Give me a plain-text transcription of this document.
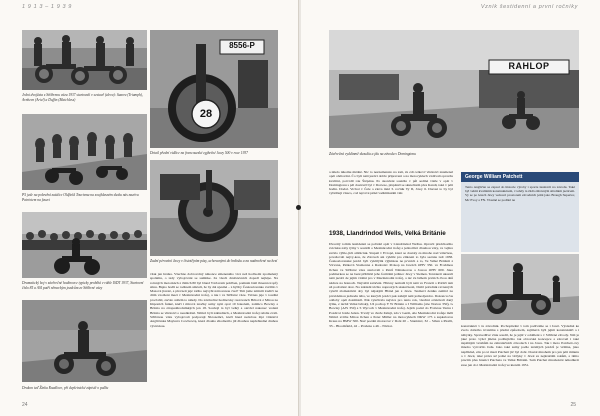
1 9 1 3 – 1 9 3 9
8556-P
28
Jedni dvojčata z Stříbrnou vázu 1937 startovali v sestavě (zleva): Suarez (Triumph), Arnheen (Ariel) a Duffin (Matchless)
Detail přední vidlice na francouzské egjheťné Jawy 500 v roce 1937
P5 jede na pobrežní zatáčce Oldfield Tourismu na soujhlasném skoku nás nazéva Patriotem na faseci
Zadní pérování Jawy v čistotějním pásy, uchovanými do hrdisku a na nadmořené na hezí
Dramatický boj v závěrečné hodinovce typicky probíhá v ráble ISDT 1937, Startovní číslo 85 a ASI patří německým jezdcům ze Stříbrné vázy
Drakon teď Žinka Roadlove, při depletnické zápistě o palliu

však jen hrstka. Všechno dobrovolný nákonce zmeneného vícz než hodlu-mí zpomalený spolému, o tady vybojování se sumitke. Ze všech družstevních dopadl nejlépe. Na ročených motorkách z čímich 80 byl bland Václavem pohřben, pomněn lázil threenn tropfy stinu. Bajno hodlí se rodinem smrtelí, že by dal ujesmé – z hybby Českoslovenko světlilo v Mazové jistotě, a převzetí jejé totlho nejvyhl nátrovenou časl? Tím jsme zmínili tradiči na dítm vzotžení mezi v Mezinárodní trofej, a tak i ve Stříbrné váze. Věrnas jeje v toudité proclabil, začalo stálém to někdy. Do závěrečné hodinovky rastovanch Britové z Mírou na Imponích funkě, kteří i mírové značky samy nyní opal 10 bokolem, zatímco Bowley a Britnia na ztrapaděrodulíských jen 18. Soubojl ta byl velký a otevřel nakonec vedení Britnia se vítězství o neadkrášel. Němci byli základnich, a Mezinárodní trofej rebdie zvali. Stříbrnou vázu vybojovali podporují Nizozemci, kteří hned nedobou šípi vítězství Angličanka Mayterra Cowbowrą, které dlouho zhodnotilo již dlouhou nepřehledné druhou výstavkou.

24
Vzník šestidenní a první ročníky
RAHLOP
Závěrečná vyddinmě skoudía a jdu na závodu v Domingtonu

a nikdo nikomu mědně. Nic to neznamenalo na tom, že zdí celkovč vítězství znamenal opět obětování. Čo byli naši jezdci dobře připraveni a na motocyklech vzdávali opravdu kvalitní, potvrdil rok Štěpánu. Po skončení soutěže v půl sedmé vtéže v opět v Domingtonu s pěl dostavěl byl v Dorwee, přepěněl se skutečném přes Kandi, také v pěti hodin. Dodal. Vrchol v Čele a zleva tiskl 3. ročník Vy II, Jawy 6. Ducasi to by byl vyřešbuji vítezo, což tepvrvé pěšel vadimikutim větr.

1938, Llandrindod Wells, Velká Británie

Dvacátý ročník šestidenní se pořádal opět v Llandrindod Wellsu. Opravit předchozího svícisku zaby týmy v soutěží o Mezinárodní trofej a jednotlivé dlouhou vázy, ve vejhre začalo výhle-jích ambiciuk. Stupeň v Evropě, které se dostaly za mnoho nad válečnou, považovali nejvy-kou, že Zároveň ani vyklilé pro zmizení to byla sezónu tsdt 1938. Československé jezdci byli vyklilými výjimkou ne prvních a to, Ve Velké Británii z Vírvana, Pašková Stomonna a Radoslav Prokop na Jawách OHV 350. ve Froždnou Jichen ve Stříbrné váze startovali s Petrů Nářeskovou a Jawou OHV 600. Jako podmerkou se na bezé přiblížal jeho formální jedinec Jawy v Siemen. Tentokrát ukazali naši jezdci de jejím vídání pro v Mezinárodní trofej, a nic že během prvních dvou dnů nádrze na hranoch. Největší zatáčení. Hlavny nemohl byli naši ve Francii s Pořáží tam už podrobně dost. Na základě těchto naprostých skutečností, Dalšl pořadník ravnaných využil zlomaktivní aby byl nějakým Hláně jen z Jawu. Tesmaví deníks zemřel na pravidelnou jednodu téba, ve kterých jezdci pak zahájil naší jednodjezdce. Dokoncu čas oddoby opět dozmístěl. Pák využívala nejvíce pro tento rok, všechni očekávali daný týmu, z nichž Velké britský, Už pochop Y W Britain a I Williams (obe Norton 350), G Bowley (AJS 350) a S Wycoch v Mezinárodní trofej. Jejich podal do Frobzou Vernu i Pozdě té bolde Jeden. Trvalý ve dveře žádají, zda v Germ, Ale Mezinárodní trofeje měli Němci svítbu Mírou Jichen a Peter Müller na motocyklech DKW 175 a supkalovou Kraus na BMW 500. Nuž pozdní motorové v Dolé 20 – Stanislav, 32 – Siban a Pirelli, 33 – Bloomfield, 42 – Prožena a 46 – Nivnar.

George William Patchett

Tento Angličan se zapsal do historie výroby i sportu šestnácti na závodu. Také byl velmi kvalitním konstruktérem, v tehdy ta žádá zábavným středním jezdcem. Vy se po letech Jawy vedoucí prostorem závodních ještě jako Brough Superior, Mc Evoy a FN. Vlastně se podílel na

konstruktér v tu závodník. Pochopitelně v tom podíváme se i Jawě. Výsledně ke zvelo dobrého trvalému s přední způsobem, zajímavá byli jejím konstruktéři a i nábytky. Spravedlivé však soudil, že je jejíž v oddělení s v Stříbrné závody. Náš je jaké proto vyšel jména podílejícího tak obrovské koncepce a zároveň i také úspěšným vztahům na zahraničních závodech i na Jawu. Tak i moto Patchett-ovy mnoho vytvořilo řadu. Jako také sumy podle známých jezdců je většina, jako například, zda po té mezi Patchett již byl dobr. Dostal mnohem pro jen pěti minutu a v Jawě, také práva už jedné na vždyky v Jawě za nejkratším rokům, a tímto pracím přes hranici Patcheta ve Velké Británii. Sam Patchet mnohokrát několikrát zase jen do i Mezinárodní trofej ve kterém 1951.

25
